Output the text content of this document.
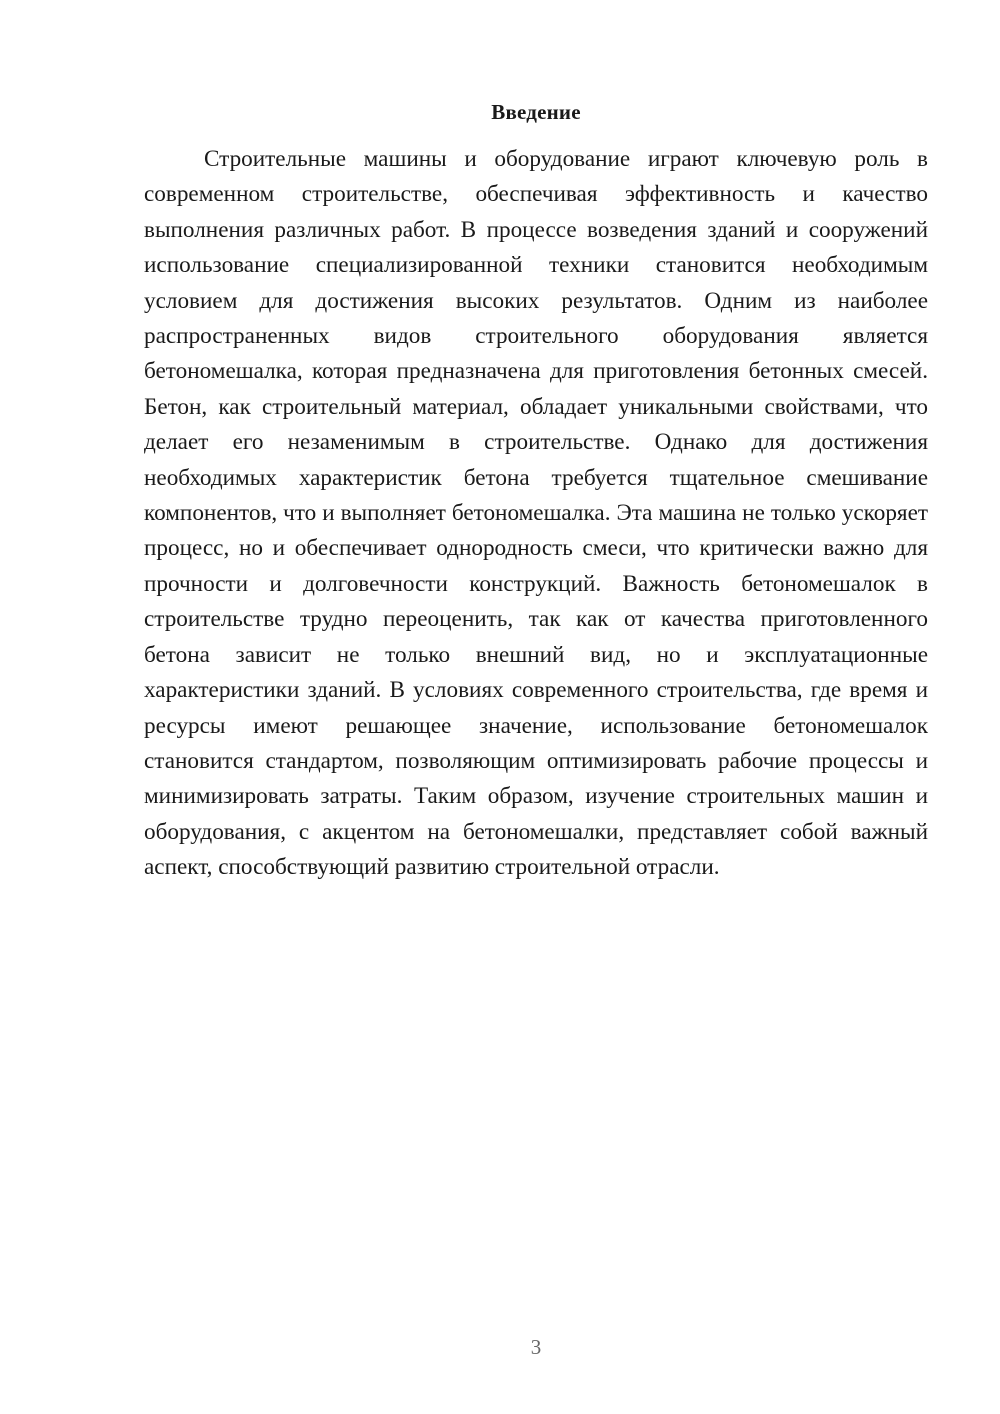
Введение

Строительные машины и оборудование играют ключевую роль в современном строительстве, обеспечивая эффективность и качество выполнения различных работ. В процессе возведения зданий и сооружений использование специализированной техники становится необходимым условием для достижения высоких результатов. Одним из наиболее распространенных видов строительного оборудования является бетономешалка, которая предназначена для приготовления бетонных смесей. Бетон, как строительный материал, обладает уникальными свойствами, что делает его незаменимым в строительстве. Однако для достижения необходимых характеристик бетона требуется тщательное смешивание компонентов, что и выполняет бетономешалка. Эта машина не только ускоряет процесс, но и обеспечивает однородность смеси, что критически важно для прочности и долговечности конструкций. Важность бетономешалок в строительстве трудно переоценить, так как от качества приготовленного бетона зависит не только внешний вид, но и эксплуатационные характеристики зданий. В условиях современного строительства, где время и ресурсы имеют решающее значение, использование бетономешалок становится стандартом, позволяющим оптимизировать рабочие процессы и минимизировать затраты. Таким образом, изучение строительных машин и оборудования, с акцентом на бетономешалки, представляет собой важный аспект, способствующий развитию строительной отрасли.

3
